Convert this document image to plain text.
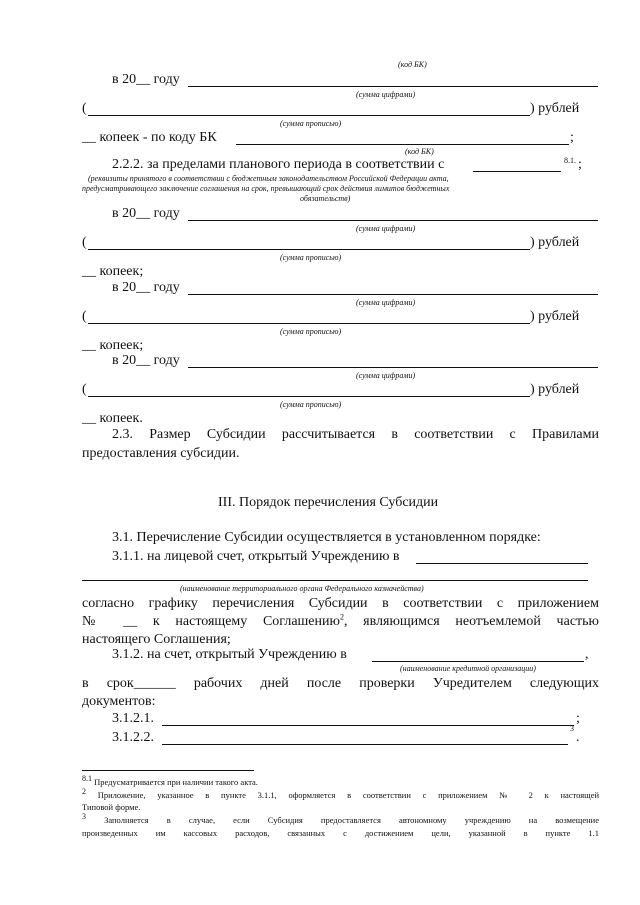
(код БК)
в 20__ году
(сумма цифрами)
(	) рублей
(сумма прописью)
__ копеек - по коду БК	;
(код БК)
2.2.2. за пределами планового периода в соответствии с	8.1. ;
(реквизиты принятого в соответствии с бюджетным законодательством Российской Федерации акта,
предусматривающего заключение соглашения на срок, превышающий срок действия лимитов бюджетных
обязательств)
в 20__ году
(сумма цифрами)
(	) рублей
(сумма прописью)
__ копеек;
в 20__ году
(сумма цифрами)
(	) рублей
(сумма прописью)
__ копеек;
в 20__ году
(сумма цифрами)
(	) рублей
(сумма прописью)
__ копеек.
2.3. Размер Субсидии рассчитывается в соответствии с Правилами
предоставления субсидии.
III. Порядок перечисления Субсидии
3.1. Перечисление Субсидии осуществляется в установленном порядке:
3.1.1. на лицевой счет, открытый Учреждению в
(наименование территориального органа Федерального казначейства)
согласно графику перечисления Субсидии в соответствии с приложением
№ __ к настоящему Соглашению$^2$, являющимся неотъемлемой частью
настоящего Соглашения;
3.1.2. на счет, открытый Учреждению в	,
(наименование кредитной организации)
в срок______ рабочих дней после проверки Учредителем следующих
документов:
3.1.2.1.	;
3.1.2.2.
3
.
8.1 Предусматривается при наличии такого акта.
2 Приложение, указанное в пункте 3.1.1, оформляется в соответствии с приложением № 2 к настоящей
Типовой форме.
3 Заполняется в случае, если Субсидия предоставляется автономному учреждению на возмещение
произведенных им кассовых расходов, связанных с достижением цели, указанной в пункте 1.1
